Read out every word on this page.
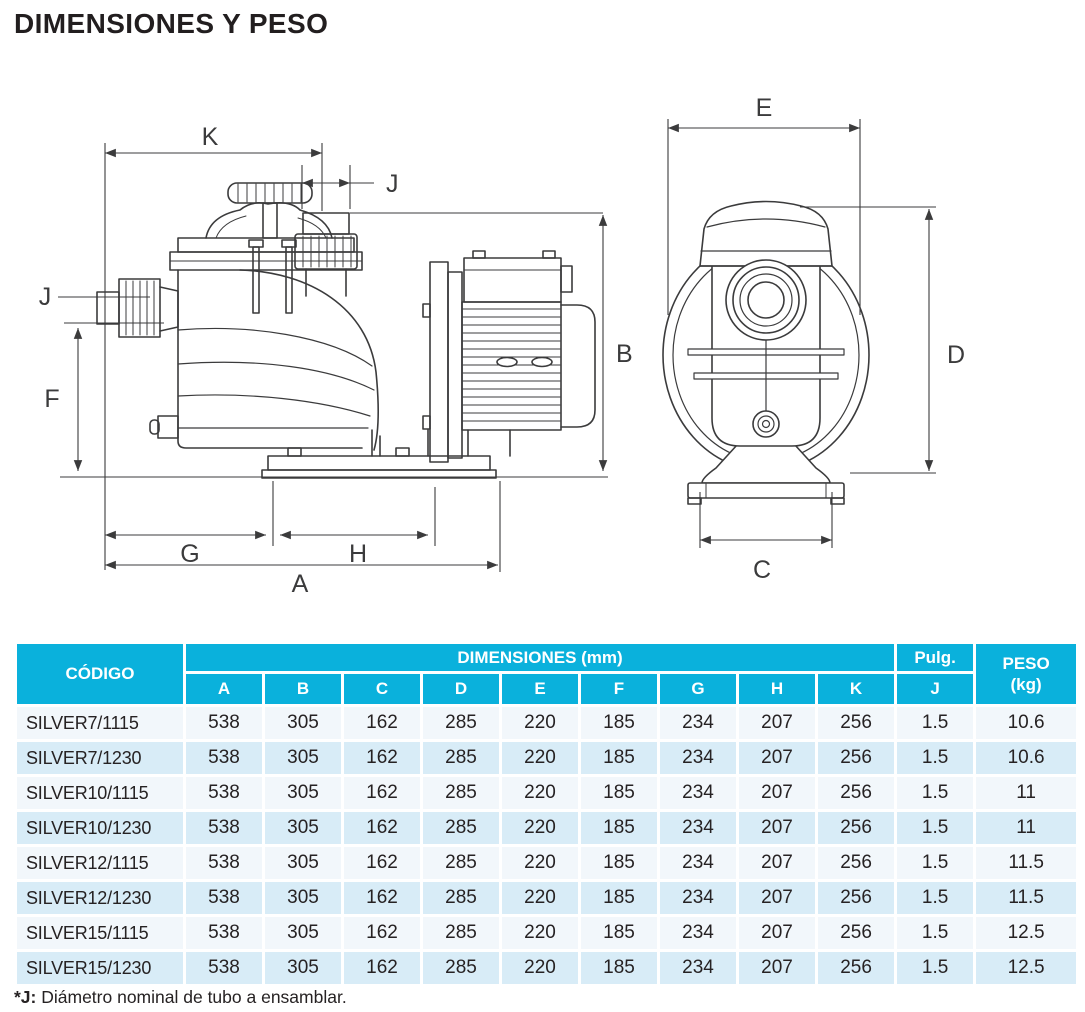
DIMENSIONES Y PESO
K
J
J
B
F
G	H
A
E
D
C
CÓDIGO	DIMENSIONES (mm)									Pulg.	PESO
(kg)

	A	B	C	D	E	F	G	H	K	J	
SILVER7/1115	538	305	162	285	220	185	234	207	256	1.5	10.6
SILVER7/1230	538	305	162	285	220	185	234	207	256	1.5	10.6
SILVER10/1115	538	305	162	285	220	185	234	207	256	1.5	11
SILVER10/1230	538	305	162	285	220	185	234	207	256	1.5	11
SILVER12/1115	538	305	162	285	220	185	234	207	256	1.5	11.5
SILVER12/1230	538	305	162	285	220	185	234	207	256	1.5	11.5
SILVER15/1115	538	305	162	285	220	185	234	207	256	1.5	12.5
SILVER15/1230	538	305	162	285	220	185	234	207	256	1.5	12.5
*J: Diámetro nominal de tubo a ensamblar.
